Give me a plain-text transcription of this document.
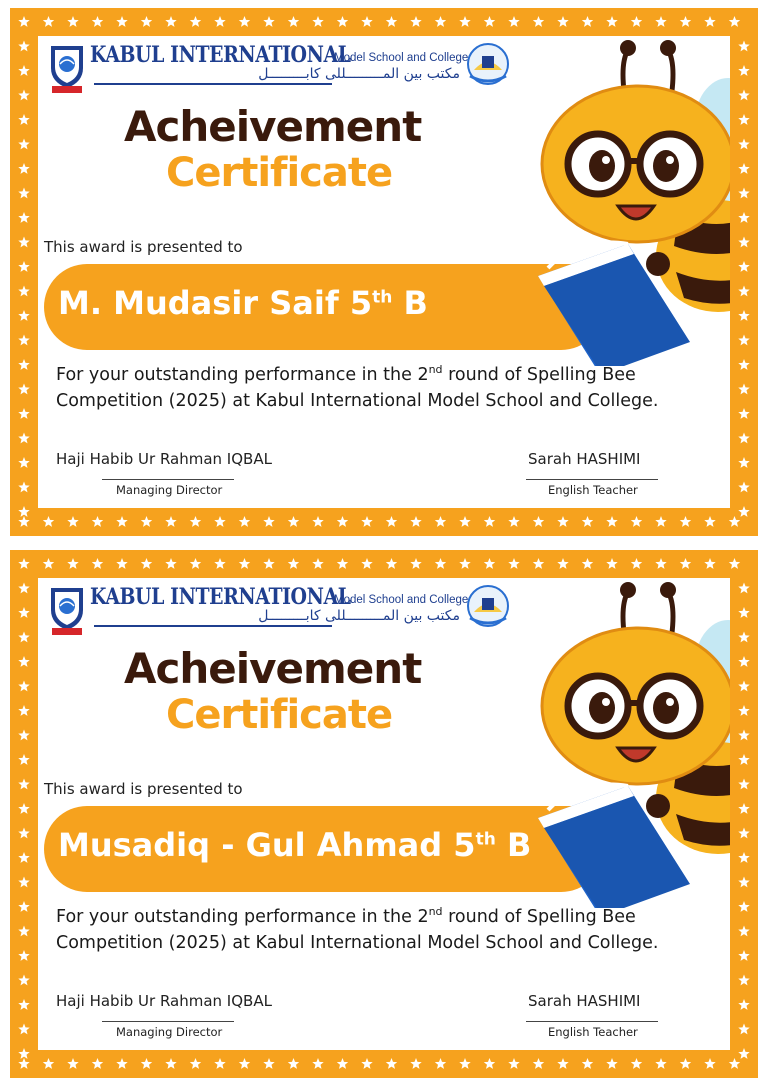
KABUL INTERNATIONAL
Model School and College
مکتب بین المـــــــــللی کابـــــــــل
Acheivement
Certificate
This award is presented to
M. Mudasir Saif 5th B
For your outstanding performance in the 2nd round of Spelling Bee Competition (2025) at Kabul International Model School and College.
Haji Habib Ur Rahman IQBAL
Managing Director
Sarah HASHIMI
English Teacher
KABUL INTERNATIONAL
Model School and College
مکتب بین المـــــــــللی کابـــــــــل
Acheivement
Certificate
This award is presented to
Musadiq - Gul Ahmad 5th B
For your outstanding performance in the 2nd round of Spelling Bee Competition (2025) at Kabul International Model School and College.
Haji Habib Ur Rahman IQBAL
Managing Director
Sarah HASHIMI
English Teacher
